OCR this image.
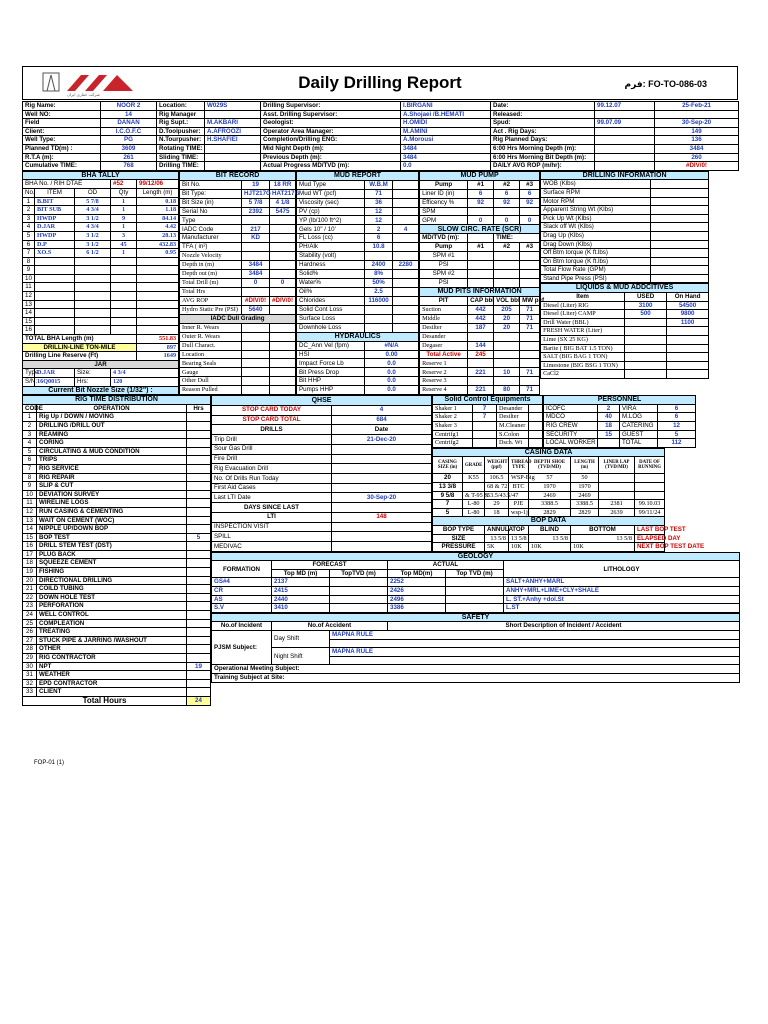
شرکت حفاری ایران
Daily Drilling Report	فرم: FO-TO-086-03
Rig Name:	NOOR 2	Location:	W029S	Drilling Supervisor:	I.BIRGANI	Date:	99.12.07	25-Feb-21
Well NO:	14	Rig Manager		Asst. Drilling Supervisor:	A.Shojaei /B.HEMATI	Released:		
Field	DANAN	Rig Supt.:	M.AKBARI	Geologist:	H.OMIDI	Spud:	99.07.09	30-Sep-20
Client:	I.C.O.F.C	D.Toolpusher:	A.AFROOZI	Operator Area Manager:	M.AMINI	Act . Rig Days:		149
Well Type:	PG	N.Tourpusher:	H.SHAFIEI	Completion/Drilling ENG:	A.Morousi	Rig Planned Days:		136
Planned TD(m) :	3609	Rotating TIME:		Mid Night Depth (m):	3484	6:00 Hrs Morning Depth (m):		3484
R.T.A (m):	261	Sliding TIME:		Previous Depth (m):	3484	6:00 Hrs Morning Bit Depth (m):		260
Cumulative TIME:	768	Drilling TIME:		Actual Progress MD/TVD (m):	0.0	DAILY AVG ROP (m/hr):		#DIV/0!
BHA TALLY				
BHA No. / RIH DTAE			#52	99/12/06
No.	ITEM	OD	Qty	Length (m)
1	B.BIT	5 7/8	1	0.18
2	BIT SUB	4 3/4	1	1.18
3	HWDP	3 1/2	9	84.14
4	D.JAR	4 3/4	1	4.42
5	HWDP	3 1/2	3	28.13
6	D.P	3 1/2	45	432.83
7	XO.S	6 1/2	1	0.95
8				
9				
10				
11				
12				
13				
14				
15				
16				
TOTAL BHA Length (m)				551.83
DRILLIN-LINE TON-MILE				897
Drilling Line Reserve (Ft)				1649
JAR				
Type	D.JAR	Size:	4 3/4	
S/N:	16Q0015	Hrs:	120	
Current Bit Nozzle Size (1/32") :				
BIT RECORD		
Bit No.	19	18 RR
Bit Type:	HJT217G	HAT217G
Bit Size (in)	5 7/8	4 1/8
Serial No	2392	5475
Type		
IADC Code	217	
Manufacturer	KD	
TFA ( in²)		
Nozzle Velocity		
Depth in (m)	3484	
Depth out (m)	3484	
Total Drill (m)	0	0
Total Hrs		
AVG ROP	#DIV/0!	#DIV/0!
Hydro Static Pre (PSI)	5640	
IADC Dull Grading		
Inner R. Wears		
Outer R. Wears		
Dull Charact.		
Location		
Bearing Seals		
Gauge		
Other Dull		
Reason Pulled		
MUD REPORT		
Mud Type	W.B.M	
Mud WT (pcf)	71	
Viscosity (sec)	36	
PV (cp)	12	
YP (lb/100 ft^2)	12	
Gels 10" / 10'	2	4
FL Loss (cc)	6	
PH/Alk	10.8	
Stability (volt)		
Hardness	2400	2280
Solid%	8%	
Water%	50%	
Oil%	2.5	
Chlorides	116000	
Solid Cont Loss		
Surface Loss		
Downhole Loss		
HYDRAULICS		
DC_Ann Vel (fpm)	#N/A	
HSI	0.00	
Impact Force Lb	0.0	
Bit Press Drop	0.0	
Bit HHP	0.0	
Pumps HHP	0.0	
MUD PUMP			
Pump	#1	#2	#3
Liner ID (in)	6	6	6
Efficency %	92	92	92
SPM			
GPM	0	0	0
SLOW CIRC. RATE (SCR)			
MD/TVD (m):		TIME:	
Pump	#1	#2	#3
SPM #1			
PSI			
SPM #2			
PSI			
MUD PITS INFORMATION			
PIT	CAP bbl	VOL bbl	MW pcf
Suction	442	205	71
Middle	442	20	71
Desilter	187	20	71
Desander			
Degaser	144		
Total Active	245		
Reserve 1			
Reserve 2	221	10	71
Reserve 3			
Reserve 4	221	80	71
DRILLING INFORMATION	
WOB (Klbs)	
Surface RPM	
Motor RPM	
Apparent String Wt (Klbs)	
Pick Up Wt (Klbs)	
Slack off Wt (Klbs)	
Drag Up (Klbs)	
Drag Down (Klbs)	
Off Btm torque (K ft.lbs)	
On Btm torque (K ft.lbs)	
Total Flow Rate (GPM)	
Stand Pipe Press (PSI)	
LIQUIDS & MUD ADDCITIVES		
Item	USED	On Hand
Diesel (Liter) RIG	3100	54500
Diesel (Liter) CAMP	500	9800
Drill Water (BBL)		1100
FRESH WATER (Liter)		
Lime (SX 25 KG)		
Barite ( BIG BAT 1.5 TON)		
SALT (BIG BAG 1 TON)		
Limestone (BIG BSG 1 TON)		
CaCl2		
RIG TIME DISTRIBUTION		
CODE	OPERATION	Hrs
1	Rig Up / DOWN / MOVING	
2	DRILLING /DRILL OUT	
3	REAMING	
4	CORING	
5	CIRCULATING & MUD CONDITION	
6	TRIPS	
7	RIG SERVICE	
8	RIG REPAIR	
9	SLIP & CUT	
10	DEVIATION SURVEY	
11	WIRELINE LOGS	
12	RUN CASING & CEMENTING	
13	WAIT ON CEMENT (WOC)	
14	NIPPLE UP/DOWN BOP	
15	BOP TEST	5
16	DRILL STEM TEST (DST)	
17	PLUG BACK	
18	SQUEEZE CEMENT	
19	FISHING	
20	DIRECTIONAL DRILLING	
21	COILD TUBING	
22	DOWN HOLE TEST	
23	PERFORATION	
24	WELL CONTROL	
25	COMPLEATION	
26	TREATING	
27	STUCK PIPE & JARRING /WASHOUT	
28	OTHER	
29	RIG CONTRACTOR	
30	NPT	19
31	WEATHER	
32	EPD CONTRACTOR	
33	CLIENT	
Total Hours		24
QHSE	
STOP CARD TODAY	4
STOP CARD TOTAL	684
DRILLS	Date
Trip Drill	21-Dec-20
Sour Gas Drill	
Fire Drill	
Rig Evacuation Drill	
No. Of Drills Run Today	
First Aid Cases	
Last LTI Date	30-Sep-20
DAYS SINCE LAST	
LTI	148
INSPECTION VISIT	
SPILL	
MEDIVAC	
Solid Control Equipments			
Shaker 1	7	Desander	
Shaker 2	7	Desilter	
Shaker 3		M.Cleaner	
Centrifg1		S.Colon	
Centrifg2		Dsch. Wt	
PERSONNEL			
ICOFC	2	VIRA	6
MDCO	40	M.LOG	6
RIG CREW	18	CATERING	12
SECURITY	15	GUEST	5
LOCAL WORKER		TOTAL	112
CASING DATA								
CASING SIZE (in)	GRADE	WEIGHT (ppf)	THREAD TYPE	DEPTH SHOE (TVD/MD)	LENGTH (m)	LINER LAP (TVD/MD)	DATE OF RUNNING	
20	K55	106.5	WSP-Big	57	50			
13 3/8		68 & 72	BTC	1970	1970			
9 5/8	& T-95 &	53.5/43.5/47		2469	2469			
7	L-80	29	PJE	3388.5	3388.5	2381	99.10.03	
5	L-80	18	wsp-1j	2829	2829	2639	99/11/24	
BOP DATA								
BOP TYPE		ANNULA	TOP	BLIND	BOTTOM		LAST BOP TEST	
SIZE		13 5/8	13 5/8	13 5/8	13 5/8		ELAPSED DAY	
PRESSURE		5K	10K	10K	10K		NEXT BOP TEST DATE	
GEOLOGY					
FORMATION	FORECAST		ACTUAL		LITHOLOGY
	Top MD (m)	TopTVD (m)	Top MD(m)	Top TVD (m)	
GS#4	2137		2252		SALT+ANHY+MARL
CR	2415		2426		ANHY+MRL+LIME+CLY+SHALE
AS	2440		2496		L. ST.+Anhy +dol.St
S.V	3410		3386		L.ST
SAFETY			
No.of Incident	No.of Accident		Short Description of Incident / Accident
PJSM Subject:	Day Shift	MAPNA RULE	

	Night Shift	MAPNA RULE	

Operational Meeting Subject:			
Training Subject at Site:			
FOP-01 (1)
